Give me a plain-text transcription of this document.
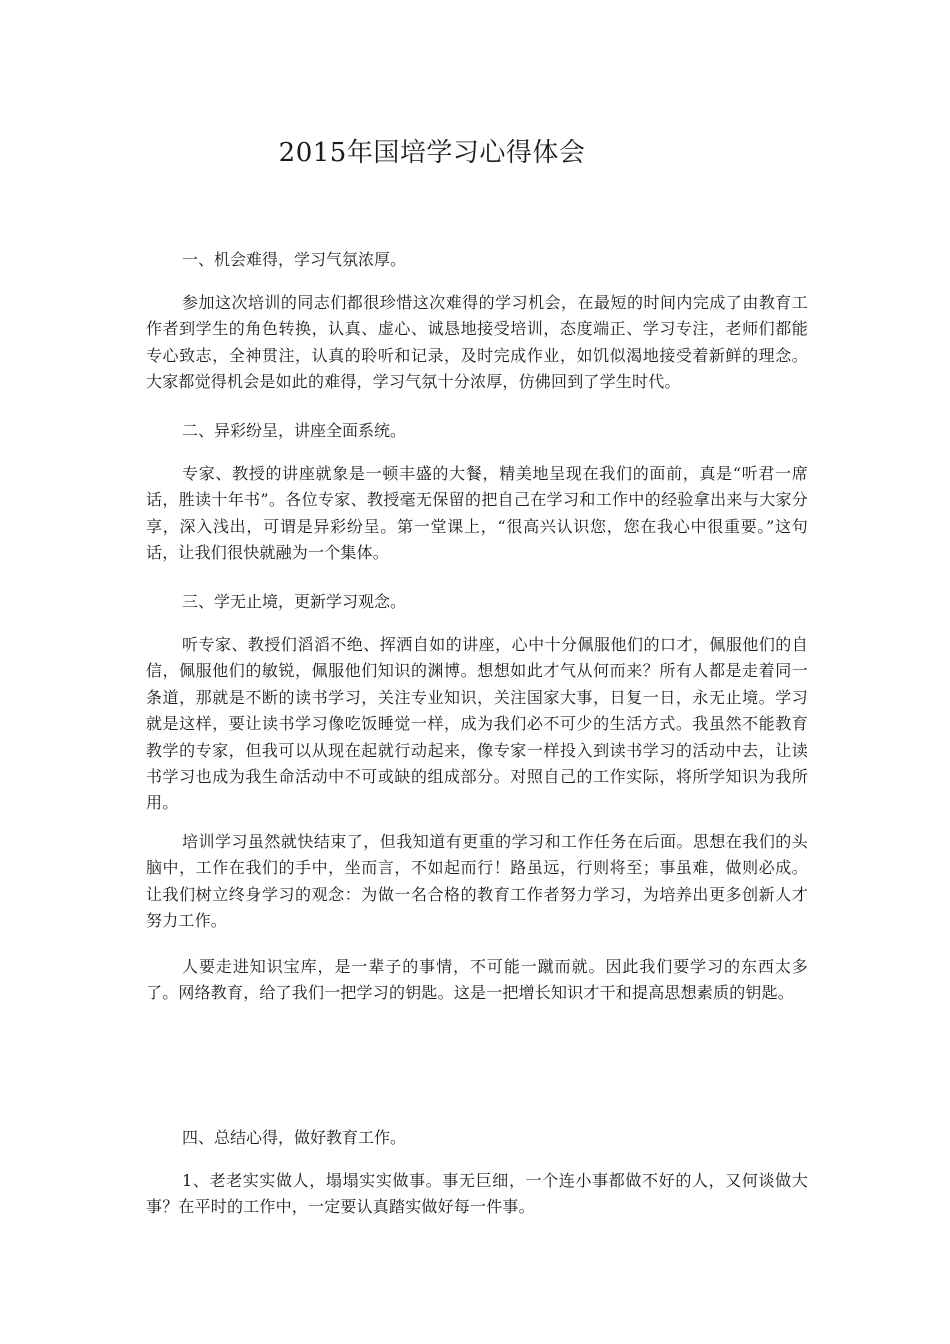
2015年国培学习心得体会

一、机会难得，学习气氛浓厚。

参加这次培训的同志们都很珍惜这次难得的学习机会，在最短的时间内完成了由教育工作者到学生的角色转换，认真、虚心、诚恳地接受培训，态度端正、学习专注，老师们都能专心致志，全神贯注，认真的聆听和记录，及时完成作业，如饥似渴地接受着新鲜的理念。大家都觉得机会是如此的难得，学习气氛十分浓厚，仿佛回到了学生时代。

二、异彩纷呈，讲座全面系统。

专家、教授的讲座就象是一顿丰盛的大餐，精美地呈现在我们的面前，真是“听君一席话，胜读十年书”。各位专家、教授毫无保留的把自己在学习和工作中的经验拿出来与大家分享，深入浅出，可谓是异彩纷呈。第一堂课上，“很高兴认识您，您在我心中很重要。”这句话，让我们很快就融为一个集体。

三、学无止境，更新学习观念。

听专家、教授们滔滔不绝、挥洒自如的讲座，心中十分佩服他们的口才，佩服他们的自信，佩服他们的敏锐，佩服他们知识的渊博。想想如此才气从何而来？所有人都是走着同一条道，那就是不断的读书学习，关注专业知识，关注国家大事，日复一日，永无止境。学习就是这样，要让读书学习像吃饭睡觉一样，成为我们必不可少的生活方式。我虽然不能教育教学的专家，但我可以从现在起就行动起来，像专家一样投入到读书学习的活动中去，让读书学习也成为我生命活动中不可或缺的组成部分。对照自己的工作实际，将所学知识为我所用。

培训学习虽然就快结束了，但我知道有更重的学习和工作任务在后面。思想在我们的头脑中，工作在我们的手中，坐而言，不如起而行！路虽远，行则将至；事虽难，做则必成。让我们树立终身学习的观念：为做一名合格的教育工作者努力学习，为培养出更多创新人才努力工作。

人要走进知识宝库，是一辈子的事情，不可能一蹴而就。因此我们要学习的东西太多了。网络教育，给了我们一把学习的钥匙。这是一把增长知识才干和提高思想素质的钥匙。

四、总结心得，做好教育工作。

1、老老实实做人，塌塌实实做事。事无巨细，一个连小事都做不好的人，又何谈做大事？在平时的工作中，一定要认真踏实做好每一件事。
